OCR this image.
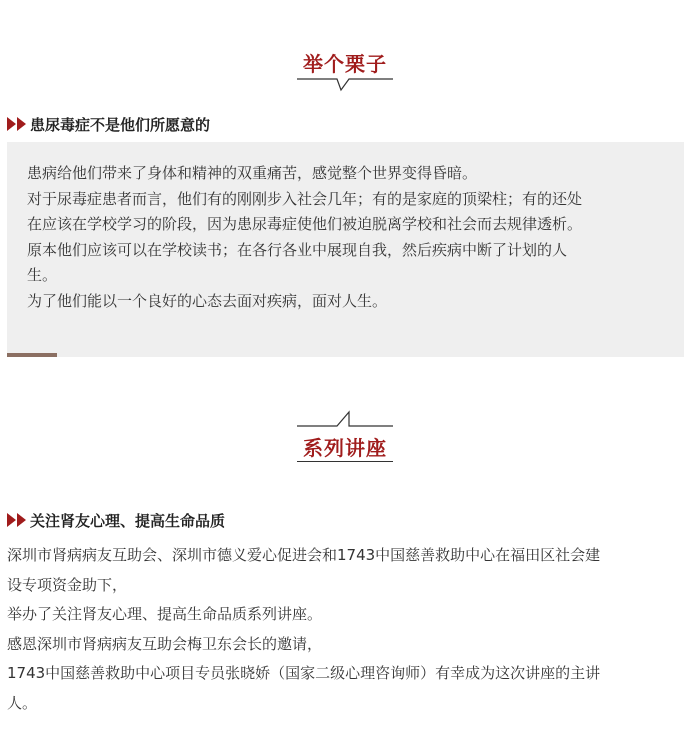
举个栗子
患尿毒症不是他们所愿意的
患病给他们带来了身体和精神的双重痛苦，感觉整个世界变得昏暗。
对于尿毒症患者而言，他们有的刚刚步入社会几年；有的是家庭的顶梁柱；有的还处
在应该在学校学习的阶段，因为患尿毒症使他们被迫脱离学校和社会而去规律透析。
原本他们应该可以在学校读书；在各行各业中展现自我，然后疾病中断了计划的人
生。
为了他们能以一个良好的心态去面对疾病，面对人生。
系列讲座
关注肾友心理、提高生命品质
深圳市肾病病友互助会、深圳市德义爱心促进会和1743中国慈善救助中心在福田区社会建
设专项资金助下，
举办了关注肾友心理、提高生命品质系列讲座。
感恩深圳市肾病病友互助会梅卫东会长的邀请，
1743中国慈善救助中心项目专员张晓娇（国家二级心理咨询师）有幸成为这次讲座的主讲
人。
